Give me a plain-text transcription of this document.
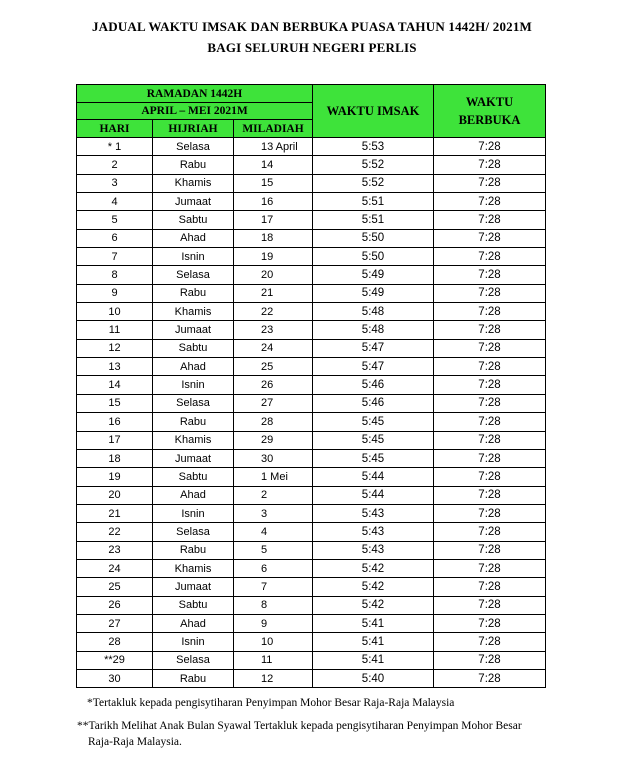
JADUAL WAKTU IMSAK DAN BERBUKA PUASA TAHUN 1442H/ 2021M
BAGI SELURUH NEGERI PERLIS
RAMADAN 1442H			WAKTU IMSAK	WAKTU
BERBUKA

APRIL – MEI 2021M				
HARI	HIJRIAH	MILADIAH		
* 1	Selasa	13 April	5:53	7:28
2	Rabu	14	5:52	7:28
3	Khamis	15	5:52	7:28
4	Jumaat	16	5:51	7:28
5	Sabtu	17	5:51	7:28
6	Ahad	18	5:50	7:28
7	Isnin	19	5:50	7:28
8	Selasa	20	5:49	7:28
9	Rabu	21	5:49	7:28
10	Khamis	22	5:48	7:28
11	Jumaat	23	5:48	7:28
12	Sabtu	24	5:47	7:28
13	Ahad	25	5:47	7:28
14	Isnin	26	5:46	7:28
15	Selasa	27	5:46	7:28
16	Rabu	28	5:45	7:28
17	Khamis	29	5:45	7:28
18	Jumaat	30	5:45	7:28
19	Sabtu	1 Mei	5:44	7:28
20	Ahad	2	5:44	7:28
21	Isnin	3	5:43	7:28
22	Selasa	4	5:43	7:28
23	Rabu	5	5:43	7:28
24	Khamis	6	5:42	7:28
25	Jumaat	7	5:42	7:28
26	Sabtu	8	5:42	7:28
27	Ahad	9	5:41	7:28
28	Isnin	10	5:41	7:28
**29	Selasa	11	5:41	7:28
30	Rabu	12	5:40	7:28
*Tertakluk kepada pengisytiharan Penyimpan Mohor Besar Raja-Raja Malaysia
**Tarikh Melihat Anak Bulan Syawal Tertakluk kepada pengisytiharan Penyimpan Mohor Besar
Raja-Raja Malaysia.
